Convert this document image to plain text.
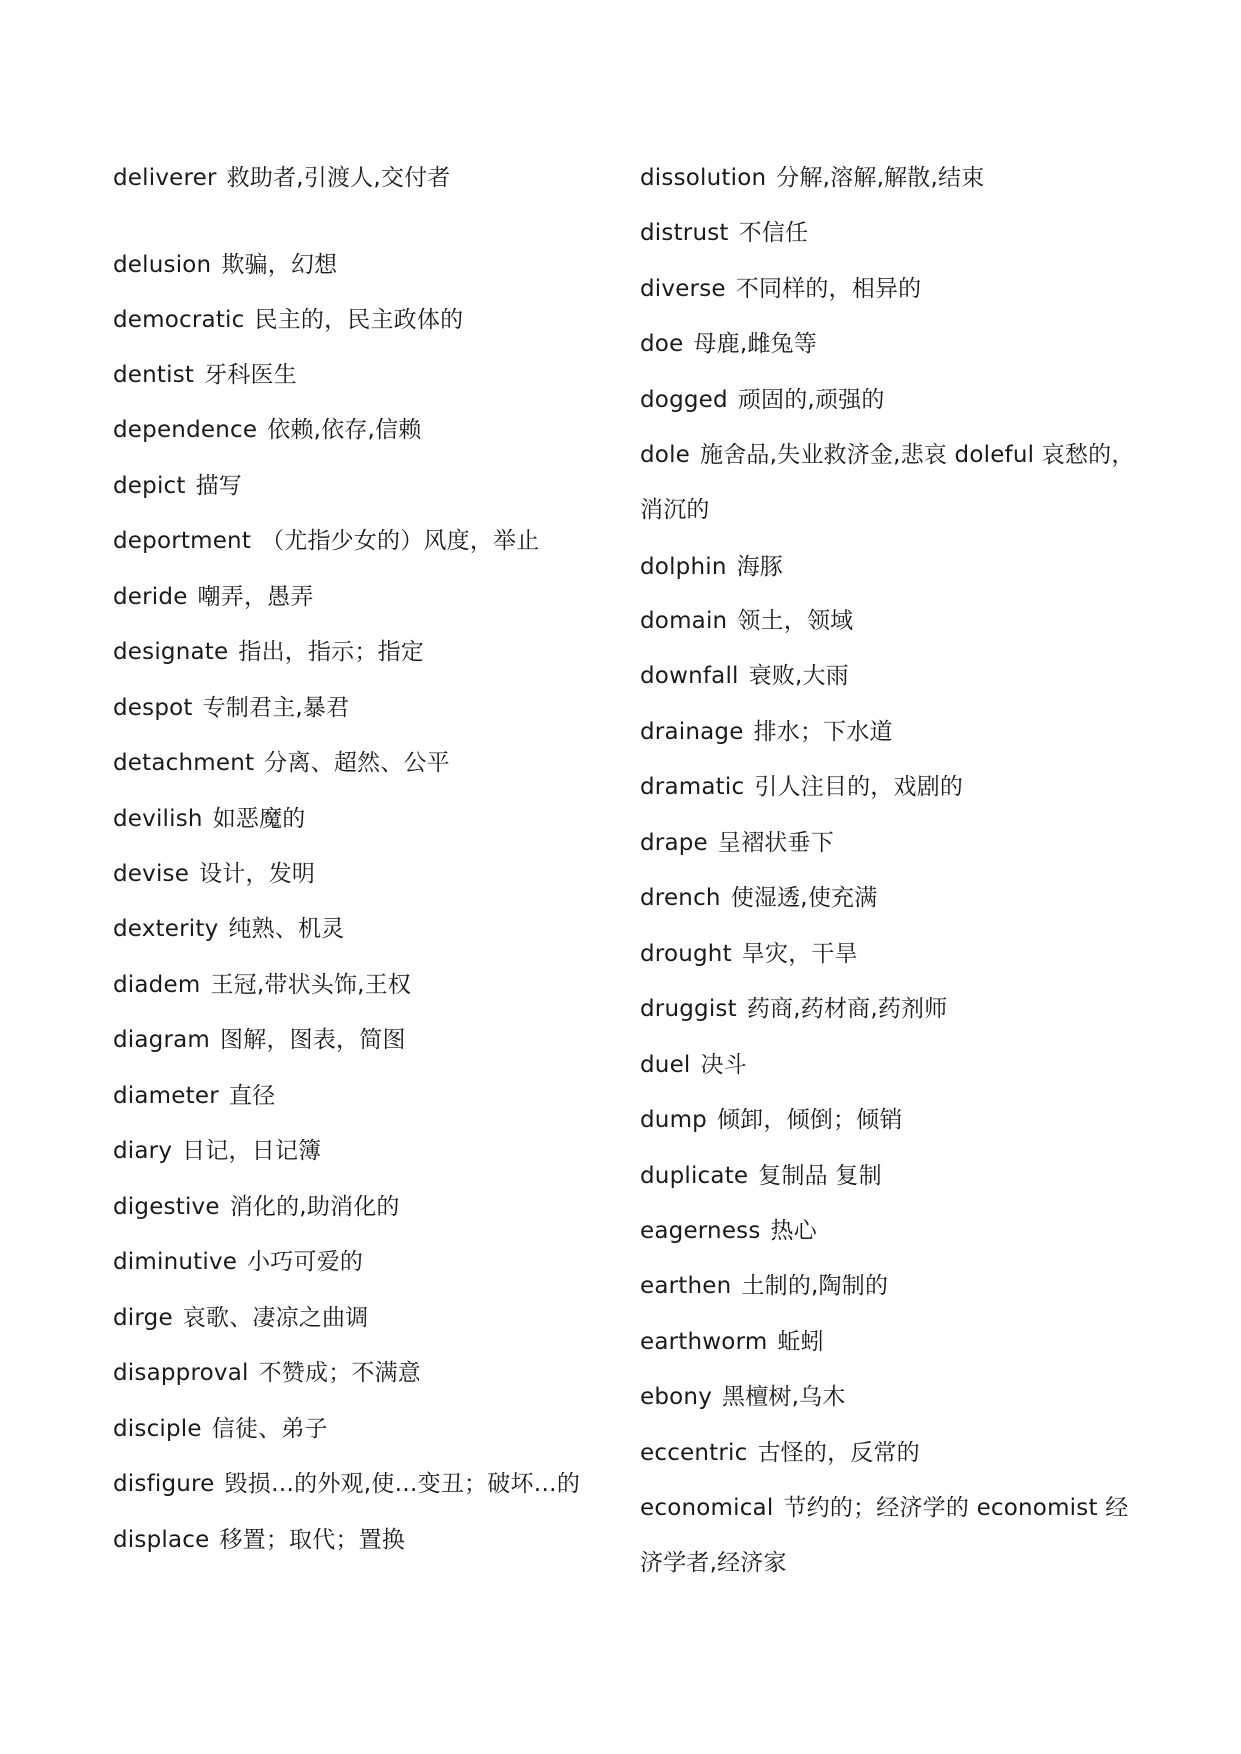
deliverer 救助者,引渡人,交付者
delusion 欺骗，幻想
democratic 民主的，民主政体的
dentist 牙科医生
dependence 依赖,依存,信赖
depict 描写
deportment （尤指少女的）风度，举止
deride 嘲弄，愚弄
designate 指出，指示；指定
despot 专制君主,暴君
detachment 分离、超然、公平
devilish 如恶魔的
devise 设计，发明
dexterity 纯熟、机灵
diadem 王冠,带状头饰,王权
diagram 图解，图表，简图
diameter 直径
diary 日记，日记簿
digestive 消化的,助消化的
diminutive 小巧可爱的
dirge 哀歌、凄凉之曲调
disapproval 不赞成；不满意
disciple 信徒、弟子
disfigure 毁损…的外观,使…变丑；破坏…的
displace 移置；取代；置换
dissolution 分解,溶解,解散,结束
distrust 不信任
diverse 不同样的，相异的
doe 母鹿,雌兔等
dogged 顽固的,顽强的
dole 施舍品,失业救济金,悲哀 doleful 哀愁的，
消沉的
dolphin 海豚
domain 领土，领域
downfall 衰败,大雨
drainage 排水；下水道
dramatic 引人注目的，戏剧的
drape 呈褶状垂下
drench 使湿透,使充满
drought 旱灾，干旱
druggist 药商,药材商,药剂师
duel 决斗
dump 倾卸，倾倒；倾销
duplicate 复制品 复制
eagerness 热心
earthen 土制的,陶制的
earthworm 蚯蚓
ebony 黑檀树,乌木
eccentric 古怪的，反常的
economical 节约的；经济学的 economist 经
济学者,经济家
